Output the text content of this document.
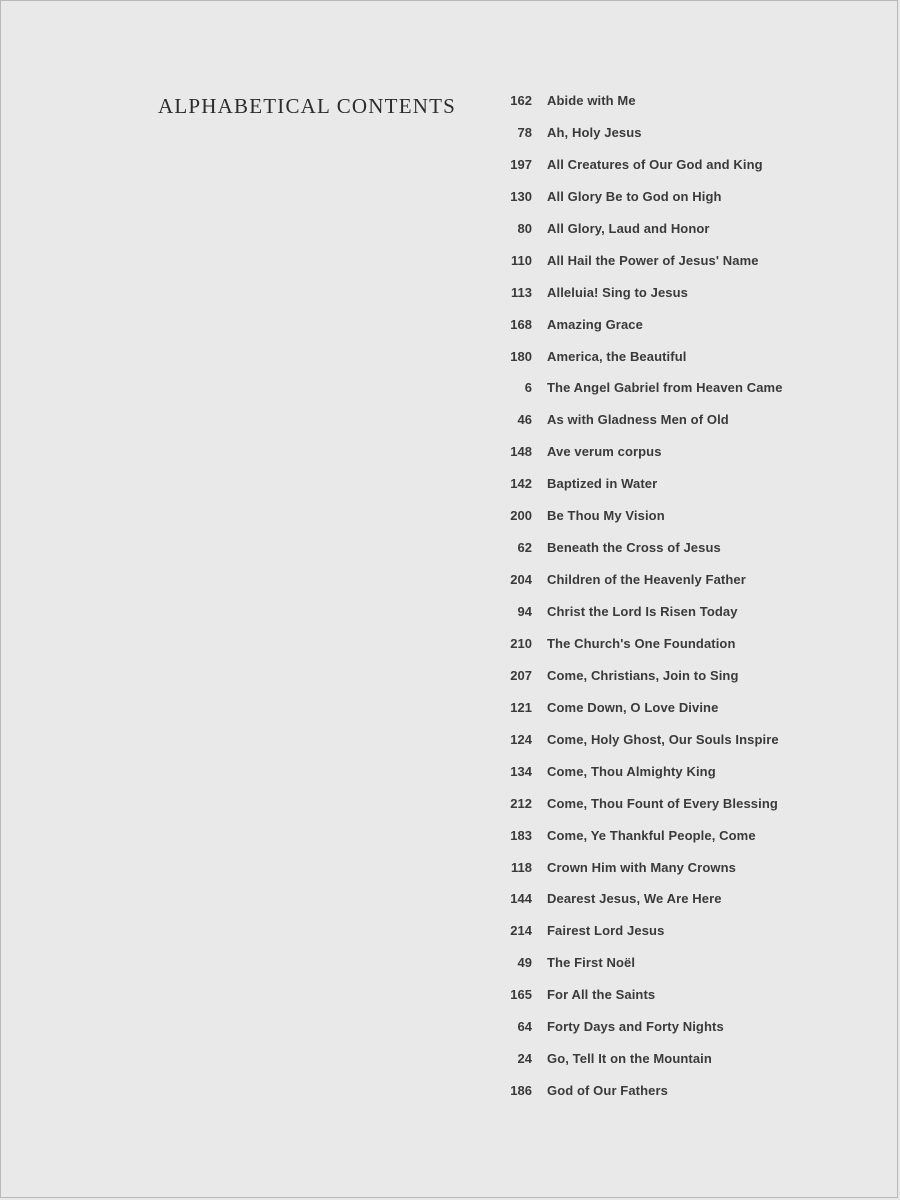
ALPHABETICAL CONTENTS	162 Abide with Me
78 Ah, Holy Jesus
197 All Creatures of Our God and King
130 All Glory Be to God on High
80 All Glory, Laud and Honor
110 All Hail the Power of Jesus' Name
113 Alleluia! Sing to Jesus
168 Amazing Grace
180 America, the Beautiful
6 The Angel Gabriel from Heaven Came
46 As with Gladness Men of Old
148 Ave verum corpus
142 Baptized in Water
200 Be Thou My Vision
62 Beneath the Cross of Jesus
204 Children of the Heavenly Father
94 Christ the Lord Is Risen Today
210 The Church's One Foundation
207 Come, Christians, Join to Sing
121 Come Down, O Love Divine
124 Come, Holy Ghost, Our Souls Inspire
134 Come, Thou Almighty King
212 Come, Thou Fount of Every Blessing
183 Come, Ye Thankful People, Come
118 Crown Him with Many Crowns
144 Dearest Jesus, We Are Here
214 Fairest Lord Jesus
49 The First Noël
165 For All the Saints
64 Forty Days and Forty Nights
24 Go, Tell It on the Mountain
186 God of Our Fathers
